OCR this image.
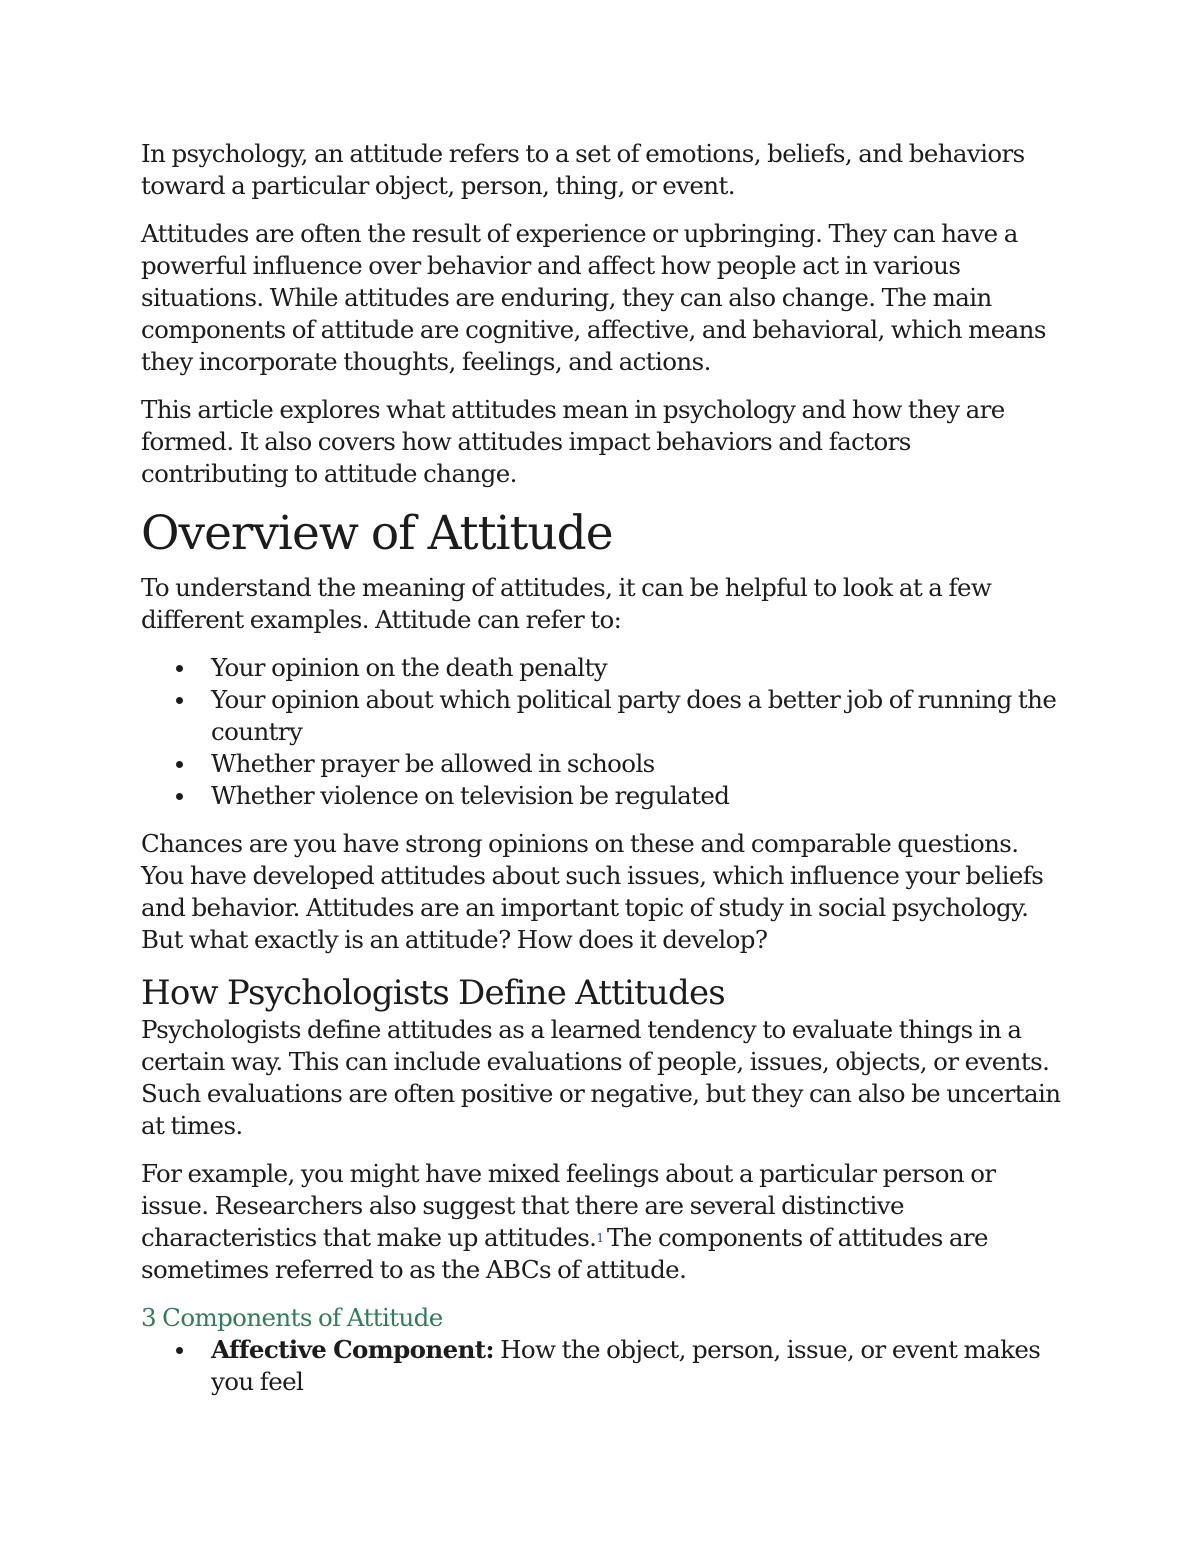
In psychology, an attitude refers to a set of emotions, beliefs, and behaviors toward a particular object, person, thing, or event.

Attitudes are often the result of experience or upbringing. They can have a powerful influence over behavior and affect how people act in various situations. While attitudes are enduring, they can also change. The main components of attitude are cognitive, affective, and behavioral, which means they incorporate thoughts, feelings, and actions.

This article explores what attitudes mean in psychology and how they are formed. It also covers how attitudes impact behaviors and factors contributing to attitude change.

Overview of Attitude

To understand the meaning of attitudes, it can be helpful to look at a few different examples. Attitude can refer to:

Your opinion on the death penalty
Your opinion about which political party does a better job of running the country
Whether prayer be allowed in schools
Whether violence on television be regulated

Chances are you have strong opinions on these and comparable questions. You have developed attitudes about such issues, which influence your beliefs and behavior. Attitudes are an important topic of study in social psychology. But what exactly is an attitude? How does it develop?

How Psychologists Define Attitudes

Psychologists define attitudes as a learned tendency to evaluate things in a certain way. This can include evaluations of people, issues, objects, or events. Such evaluations are often positive or negative, but they can also be uncertain at times.

For example, you might have mixed feelings about a particular person or issue. Researchers also suggest that there are several distinctive characteristics that make up attitudes.$^1$ The components of attitudes are sometimes referred to as the ABCs of attitude.

3 Components of Attitude
Affective Component: How the object, person, issue, or event makes you feel
